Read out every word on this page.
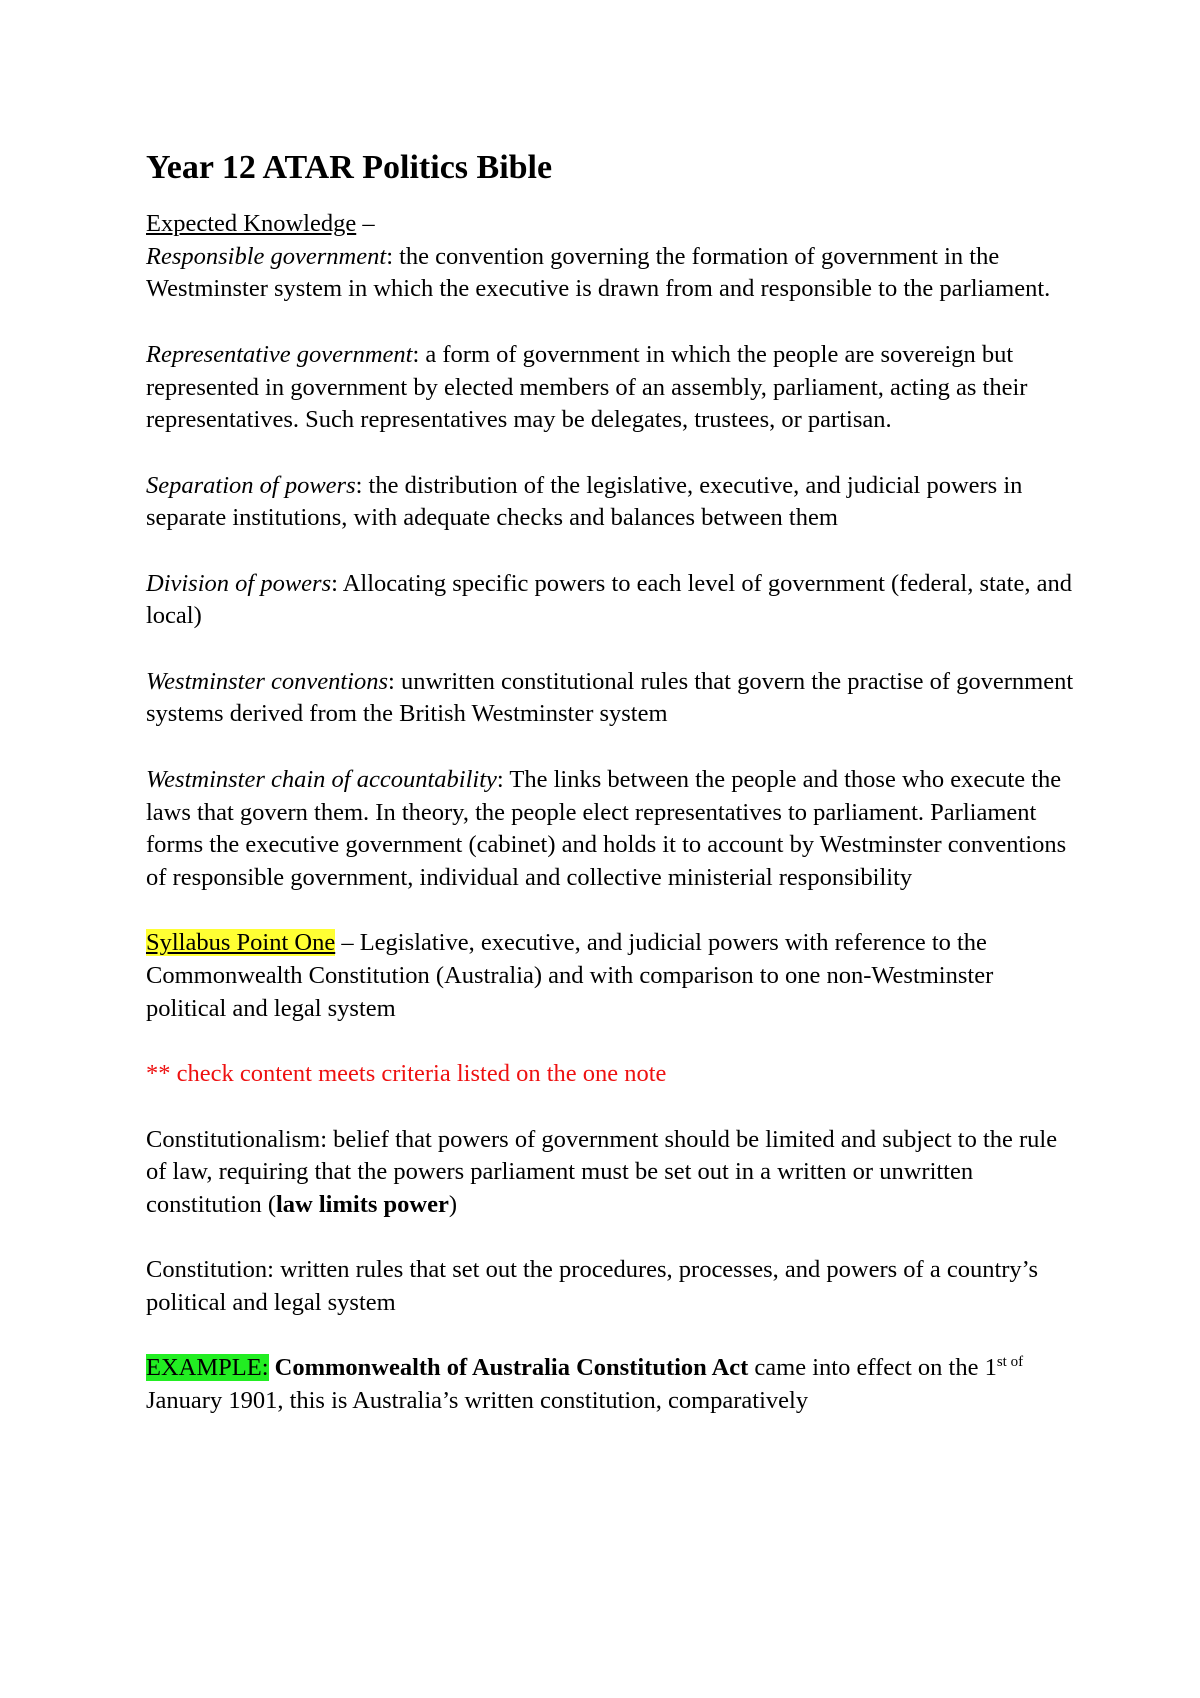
Year 12 ATAR Politics Bible

Expected Knowledge –

Responsible government: the convention governing the formation of government in the Westminster system in which the executive is drawn from and responsible to the parliament.

Representative government: a form of government in which the people are sovereign but represented in government by elected members of an assembly, parliament, acting as their representatives. Such representatives may be delegates, trustees, or partisan.

Separation of powers: the distribution of the legislative, executive, and judicial powers in separate institutions, with adequate checks and balances between them

Division of powers: Allocating specific powers to each level of government (federal, state, and local)

Westminster conventions: unwritten constitutional rules that govern the practise of government systems derived from the British Westminster system

Westminster chain of accountability: The links between the people and those who execute the laws that govern them. In theory, the people elect representatives to parliament. Parliament forms the executive government (cabinet) and holds it to account by Westminster conventions of responsible government, individual and collective ministerial responsibility

Syllabus Point One – Legislative, executive, and judicial powers with reference to the Commonwealth Constitution (Australia) and with comparison to one non-Westminster political and legal system

** check content meets criteria listed on the one note

Constitutionalism: belief that powers of government should be limited and subject to the rule of law, requiring that the powers parliament must be set out in a written or unwritten constitution (law limits power)

Constitution: written rules that set out the procedures, processes, and powers of a country’s political and legal system

EXAMPLE: Commonwealth of Australia Constitution Act came into effect on the $1^{st of}$ January 1901, this is Australia’s written constitution, comparatively
